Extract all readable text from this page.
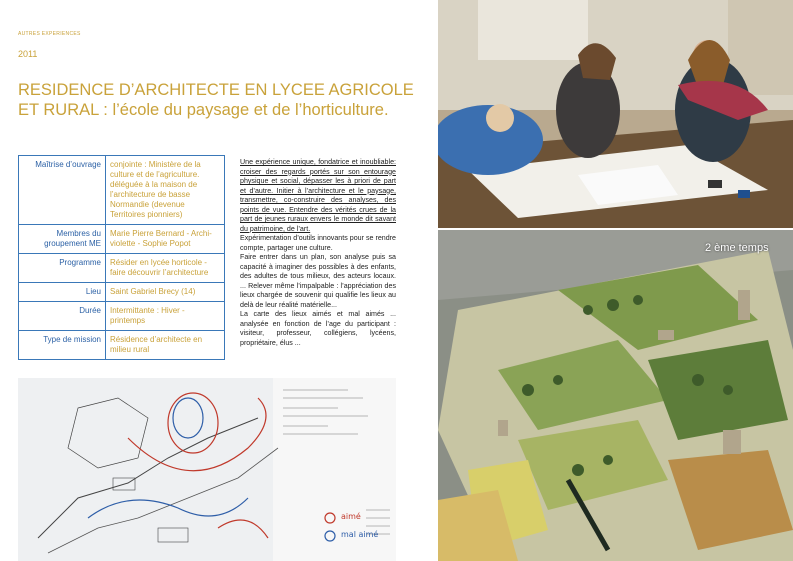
AUTRES EXPERIENCES
2011
RESIDENCE D’ARCHITECTE EN LYCEE AGRICOLE ET RURAL : l’école du paysage et de l’horticulture.
Maîtrise d’ouvrage	conjointe : Ministère de la culture et de l’agriculture. déléguée à la maison de l’architecture de basse Normandie (devenue Territoires pionniers)
Membres du groupement ME	Marie Pierre Bernard - Archi-violette - Sophie Popot
Programme	Résider en lycée horticole - faire découvrir l’architecture
Lieu	Saint Gabriel Brecy (14)
Durée	Intermittante : Hiver - printemps
Type de mission	Résidence d’architecte en milieu rural
Une expérience unique, fondatrice et inoubliable: croiser des regards portés sur son entourage physique et social, dépasser les à priori de part et d’autre. Initier à l’architecture et le paysage, transmettre, co-construire des analyses, des points de vue. Entendre des vérités crues de la part de jeunes ruraux envers le monde dit savant du patrimoine, de l’art.
Expérimentation d’outils innovants pour se rendre compte, partager une culture.
Faire entrer dans un plan, son analyse puis sa capacité à imaginer des possibles à des enfants, des adultes de tous milieux, des acteurs locaux. ... Relever même l’impalpable : l’appréciation des lieux chargée de souvenir qui qualifie les lieux au delà de leur réalité matérielle...
La carte des lieux aimés et mal aimés ... analysée en fonction de l’age du participant : visiteur, professeur, collégiens, lycéens, propriétaire, élus ...
aimé
mal aimé
2 ème temps
